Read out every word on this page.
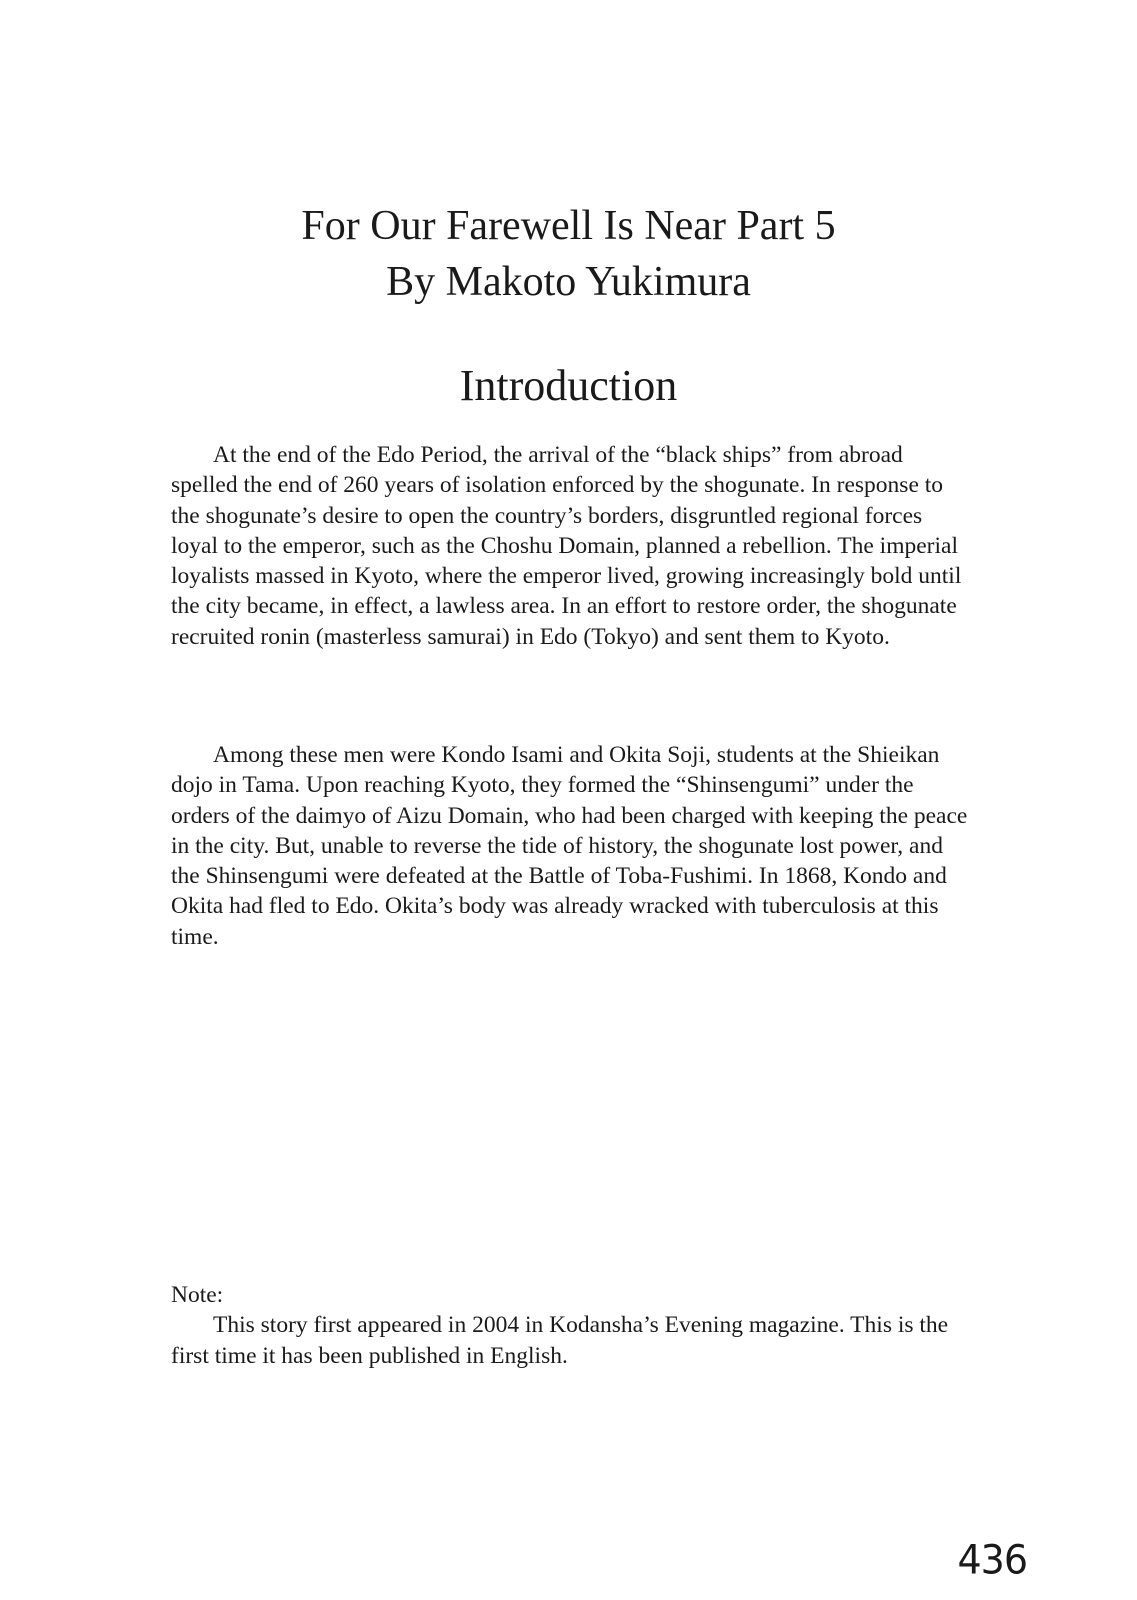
For Our Farewell Is Near Part 5
By Makoto Yukimura
Introduction

At the end of the Edo Period, the arrival of the “black ships” from abroad spelled the end of 260 years of isolation enforced by the shogunate. In response to the shogunate’s desire to open the country’s borders, disgruntled regional forces loyal to the emperor, such as the Choshu Domain, planned a rebellion. The imperial loyalists massed in Kyoto, where the emperor lived, growing increasingly bold until the city became, in effect, a lawless area. In an effort to restore order, the shogunate recruited ronin (masterless samurai) in Edo (Tokyo) and sent them to Kyoto.

Among these men were Kondo Isami and Okita Soji, students at the Shieikan dojo in Tama. Upon reaching Kyoto, they formed the “Shinsengumi” under the orders of the daimyo of Aizu Domain, who had been charged with keeping the peace in the city. But, unable to reverse the tide of history, the shogunate lost power, and the Shinsengumi were defeated at the Battle of Toba-Fushimi. In 1868, Kondo and Okita had fled to Edo. Okita’s body was already wracked with tuberculosis at this time.

Note:

This story first appeared in 2004 in Kodansha’s Evening magazine. This is the first time it has been published in English.

436
